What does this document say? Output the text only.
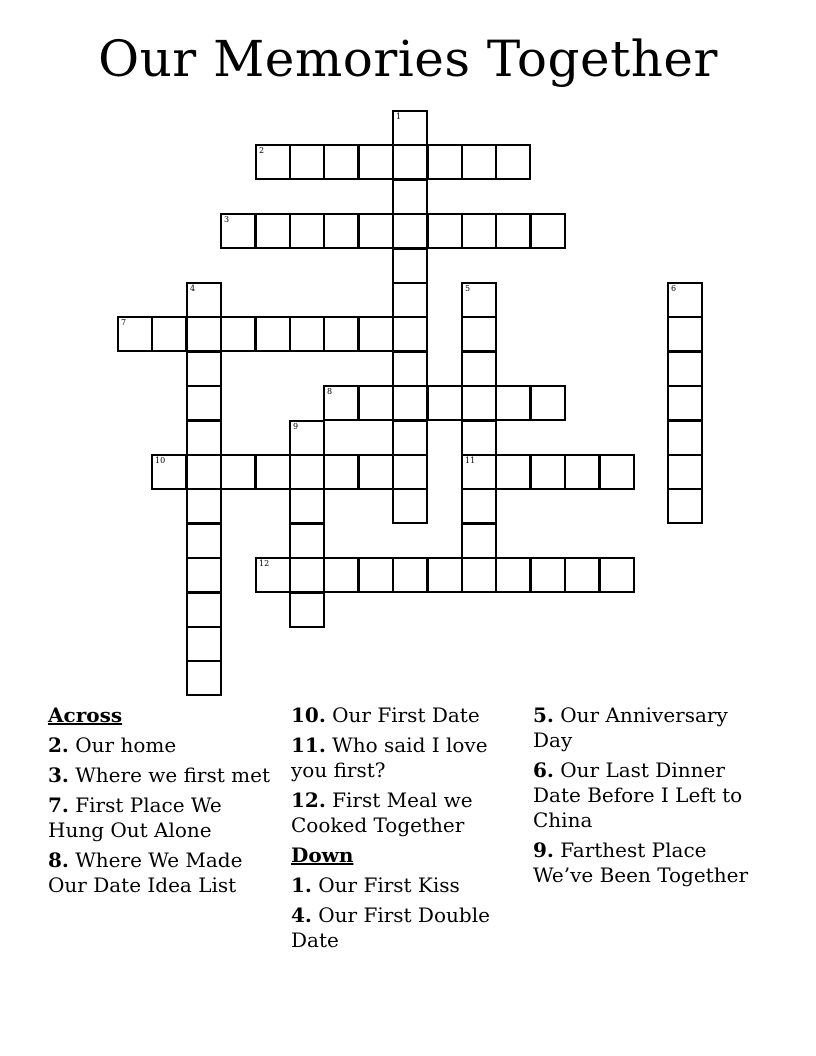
Our Memories Together
1
2
3
4	5
11
6
7
8
9
10
12
Across
2. Our home
3. Where we first met
7. First Place We Hung Out Alone
8. Where We Made Our Date Idea List
10. Our First Date
11. Who said I love you first?
12. First Meal we Cooked Together
Down
1. Our First Kiss
4. Our First Double Date
5. Our Anniversary Day
6. Our Last Dinner Date Before I Left to China
9. Farthest Place We’ve Been Together
